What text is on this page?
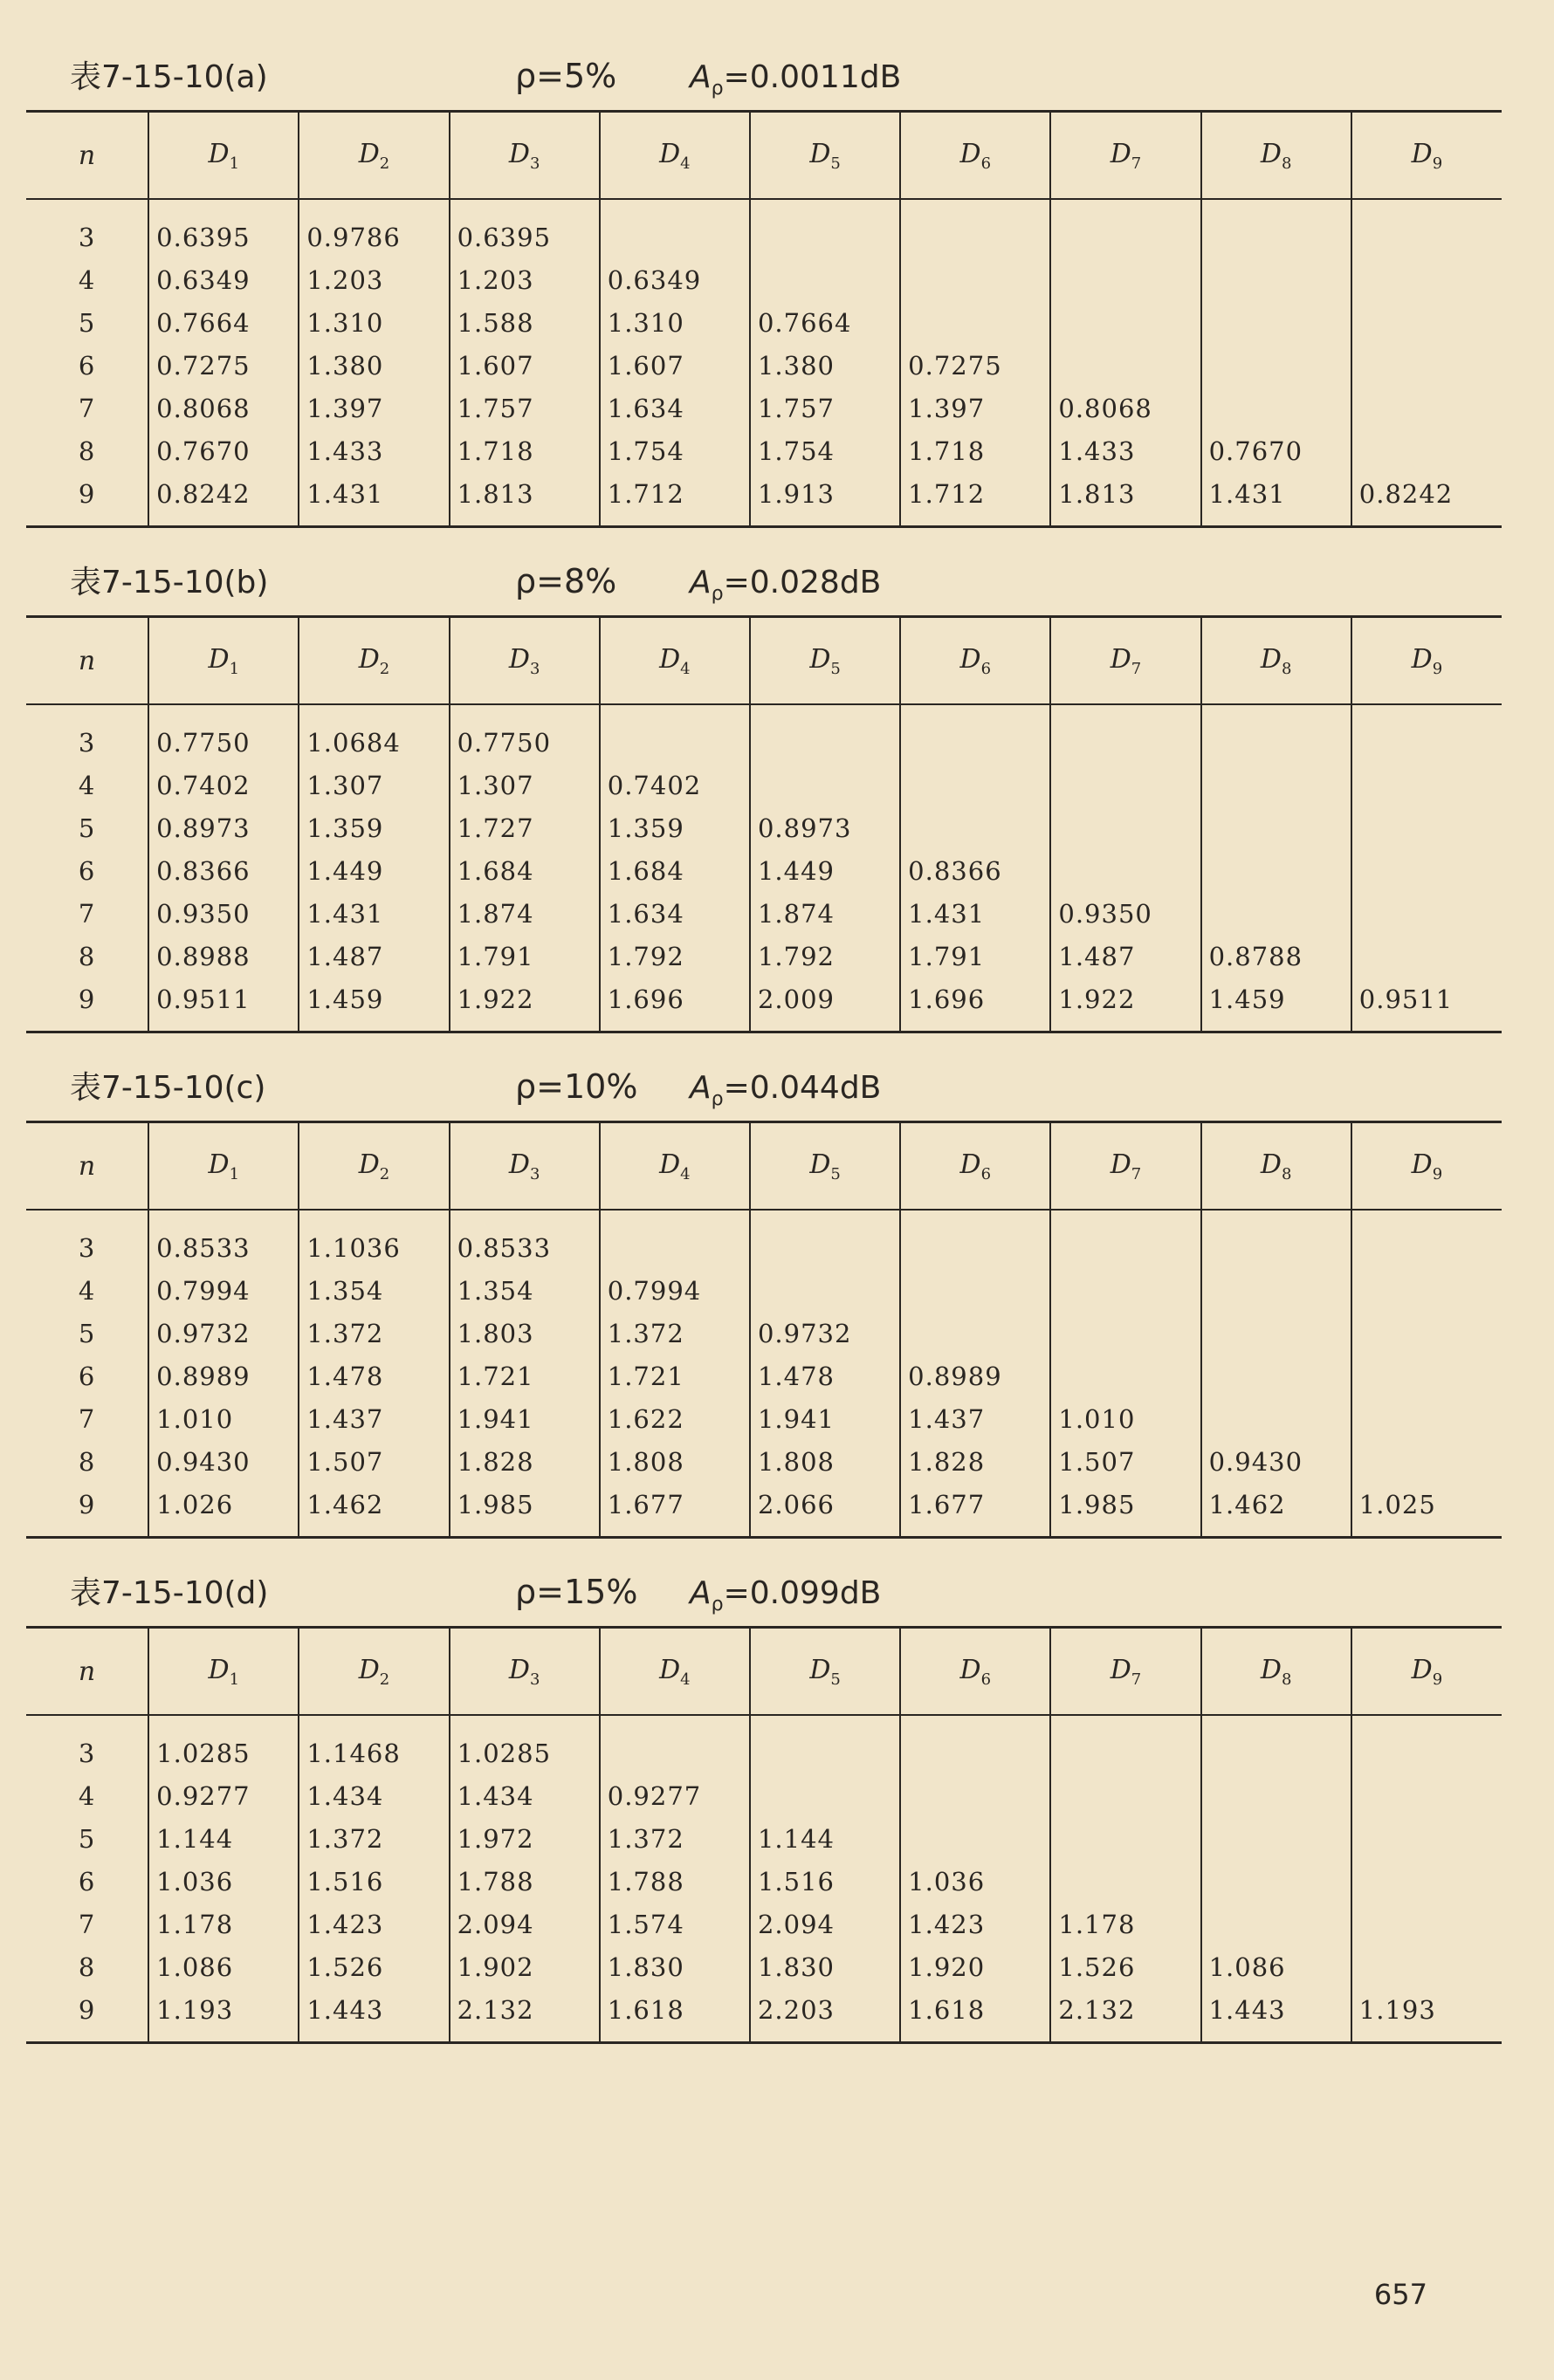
表7-15-10(a)	ρ=5%	$A_\rho=0.0011dB$
n	$D_1$	$D_2$	$D_3$	$D_4$	$D_5$	$D_6$	$D_7$	$D_8$	$D_9$
3	0.6395	0.9786	0.6395						
4	0.6349	1.203	1.203	0.6349					
5	0.7664	1.310	1.588	1.310	0.7664				
6	0.7275	1.380	1.607	1.607	1.380	0.7275			
7	0.8068	1.397	1.757	1.634	1.757	1.397	0.8068		
8	0.7670	1.433	1.718	1.754	1.754	1.718	1.433	0.7670	
9	0.8242	1.431	1.813	1.712	1.913	1.712	1.813	1.431	0.8242
表7-15-10(b)	ρ=8%	$A_\rho=0.028dB$
n	$D_1$	$D_2$	$D_3$	$D_4$	$D_5$	$D_6$	$D_7$	$D_8$	$D_9$
3	0.7750	1.0684	0.7750						
4	0.7402	1.307	1.307	0.7402					
5	0.8973	1.359	1.727	1.359	0.8973				
6	0.8366	1.449	1.684	1.684	1.449	0.8366			
7	0.9350	1.431	1.874	1.634	1.874	1.431	0.9350		
8	0.8988	1.487	1.791	1.792	1.792	1.791	1.487	0.8788	
9	0.9511	1.459	1.922	1.696	2.009	1.696	1.922	1.459	0.9511
表7-15-10(c)	ρ=10%	$A_\rho=0.044dB$
n	$D_1$	$D_2$	$D_3$	$D_4$	$D_5$	$D_6$	$D_7$	$D_8$	$D_9$
3	0.8533	1.1036	0.8533						
4	0.7994	1.354	1.354	0.7994					
5	0.9732	1.372	1.803	1.372	0.9732				
6	0.8989	1.478	1.721	1.721	1.478	0.8989			
7	1.010	1.437	1.941	1.622	1.941	1.437	1.010		
8	0.9430	1.507	1.828	1.808	1.808	1.828	1.507	0.9430	
9	1.026	1.462	1.985	1.677	2.066	1.677	1.985	1.462	1.025
表7-15-10(d)	ρ=15%	$A_\rho=0.099dB$
n	$D_1$	$D_2$	$D_3$	$D_4$	$D_5$	$D_6$	$D_7$	$D_8$	$D_9$
3	1.0285	1.1468	1.0285						
4	0.9277	1.434	1.434	0.9277					
5	1.144	1.372	1.972	1.372	1.144				
6	1.036	1.516	1.788	1.788	1.516	1.036			
7	1.178	1.423	2.094	1.574	2.094	1.423	1.178		
8	1.086	1.526	1.902	1.830	1.830	1.920	1.526	1.086	
9	1.193	1.443	2.132	1.618	2.203	1.618	2.132	1.443	1.193
657
